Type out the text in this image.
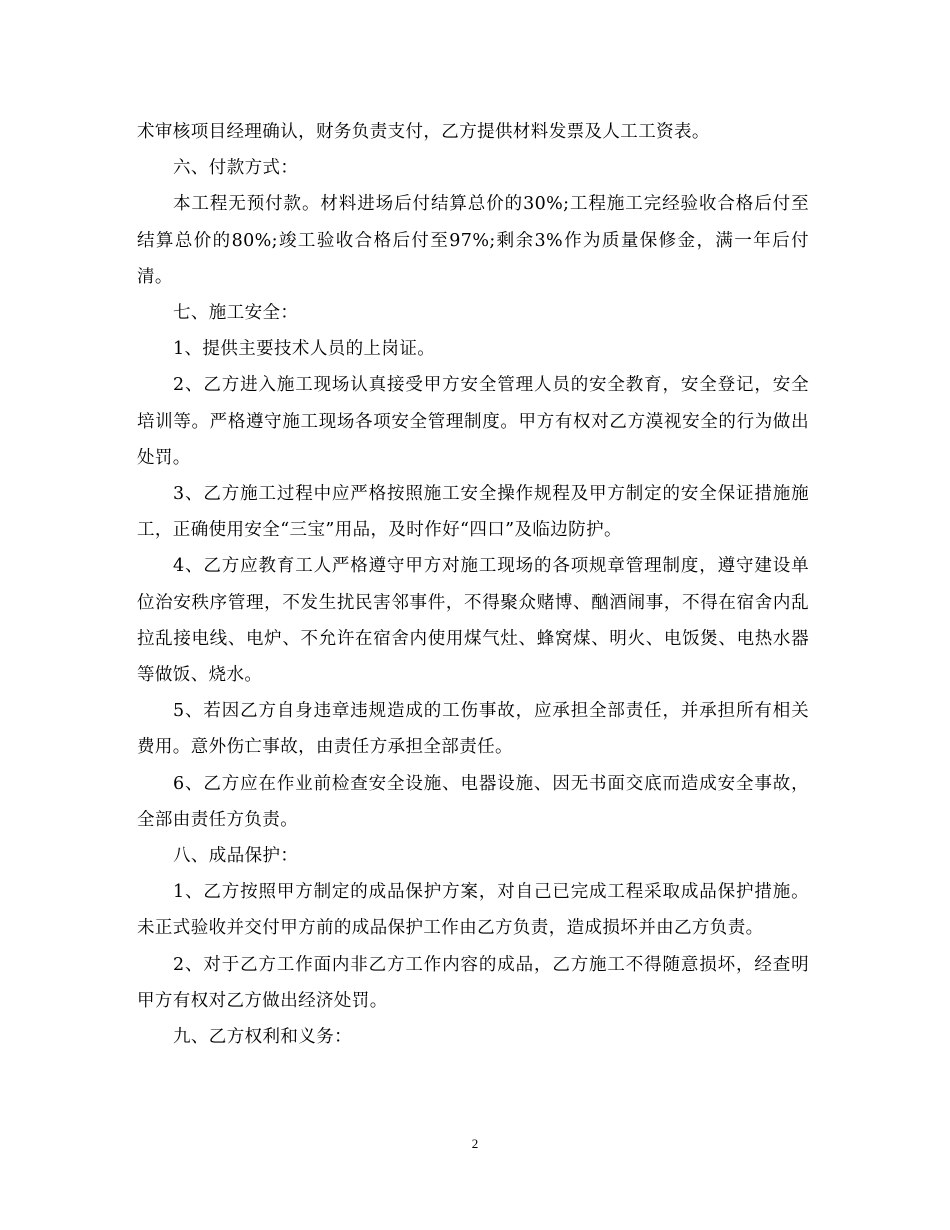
术审核项目经理确认，财务负责支付，乙方提供材料发票及人工工资表。

六、付款方式：

本工程无预付款。材料进场后付结算总价的30%;工程施工完经验收合格后付至结算总价的80%;竣工验收合格后付至97%;剩余3%作为质量保修金，满一年后付清。

七、施工安全：

1、提供主要技术人员的上岗证。

2、乙方进入施工现场认真接受甲方安全管理人员的安全教育，安全登记，安全培训等。严格遵守施工现场各项安全管理制度。甲方有权对乙方漠视安全的行为做出处罚。

3、乙方施工过程中应严格按照施工安全操作规程及甲方制定的安全保证措施施工，正确使用安全“三宝”用品，及时作好“四口”及临边防护。

4、乙方应教育工人严格遵守甲方对施工现场的各项规章管理制度，遵守建设单位治安秩序管理，不发生扰民害邻事件，不得聚众赌博、酗酒闹事，不得在宿舍内乱拉乱接电线、电炉、不允许在宿舍内使用煤气灶、蜂窝煤、明火、电饭煲、电热水器等做饭、烧水。

5、若因乙方自身违章违规造成的工伤事故，应承担全部责任，并承担所有相关费用。意外伤亡事故，由责任方承担全部责任。

6、乙方应在作业前检查安全设施、电器设施、因无书面交底而造成安全事故，全部由责任方负责。

八、成品保护：

1、乙方按照甲方制定的成品保护方案，对自己已完成工程采取成品保护措施。未正式验收并交付甲方前的成品保护工作由乙方负责，造成损坏并由乙方负责。

2、对于乙方工作面内非乙方工作内容的成品，乙方施工不得随意损坏，经查明甲方有权对乙方做出经济处罚。

九、乙方权利和义务：

2
